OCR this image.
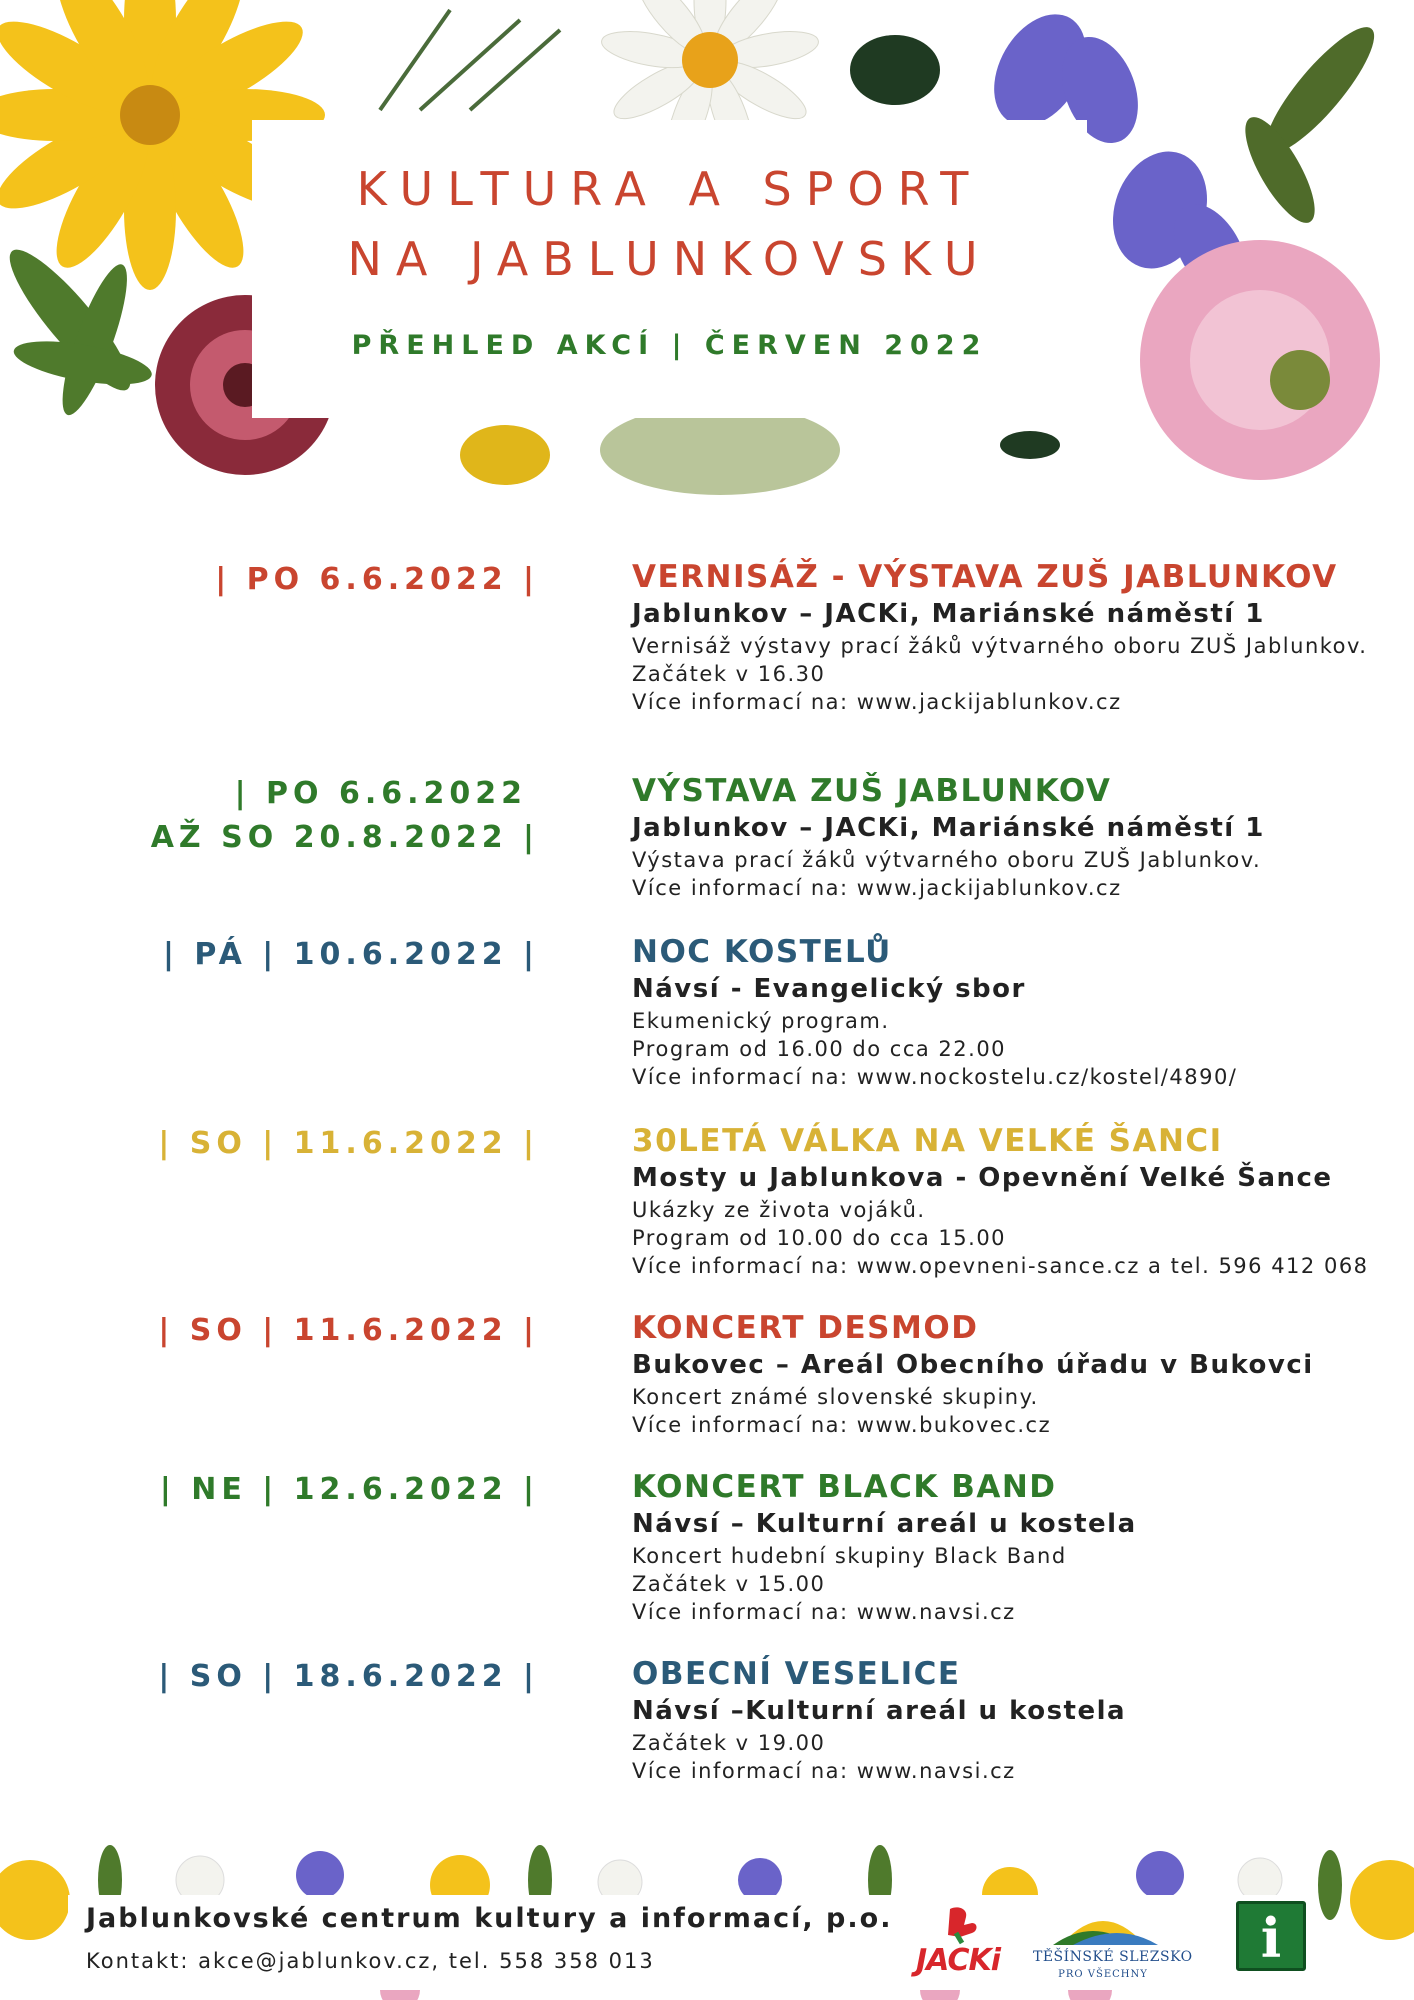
KULTURA A SPORT
NA JABLUNKOVSKU
PŘEHLED AKCÍ | ČERVEN 2022
| PO 6.6.2022 |	VERNISÁŽ - VÝSTAVA ZUŠ JABLUNKOV
Jablunkov – JACKi, Mariánské náměstí 1
Vernisáž výstavy prací žáků výtvarného oboru ZUŠ Jablunkov.
Začátek v 16.30
Více informací na: www.jackijablunkov.cz
| PO 6.6.2022
AŽ SO 20.8.2022 |
VÝSTAVA ZUŠ JABLUNKOV
Jablunkov – JACKi, Mariánské náměstí 1
Výstava prací žáků výtvarného oboru ZUŠ Jablunkov.
Více informací na: www.jackijablunkov.cz
| PÁ | 10.6.2022 |	NOC KOSTELŮ
Návsí - Evangelický sbor
Ekumenický program.
Program od 16.00 do cca 22.00
Více informací na: www.nockostelu.cz/kostel/4890/
| SO | 11.6.2022 |	30LETÁ VÁLKA NA VELKÉ ŠANCI
Mosty u Jablunkova - Opevnění Velké Šance
Ukázky ze života vojáků.
Program od 10.00 do cca 15.00
Více informací na: www.opevneni-sance.cz a tel. 596 412 068
| SO | 11.6.2022 |	KONCERT DESMOD
Bukovec – Areál Obecního úřadu v Bukovci
Koncert známé slovenské skupiny.
Více informací na: www.bukovec.cz
| NE | 12.6.2022 |	KONCERT BLACK BAND
Návsí – Kulturní areál u kostela
Koncert hudební skupiny Black Band
Začátek v 15.00
Více informací na: www.navsi.cz
| SO | 18.6.2022 |	OBECNÍ VESELICE
Návsí –Kulturní areál u kostela
Začátek v 19.00
Více informací na: www.navsi.cz
Jablunkovské centrum kultury a informací, p.o.
Kontakt: akce@jablunkov.cz, tel. 558 358 013	JACKi	TĚŠÍNSKÉ SLEZSKO
PRO VŠECHNY
i
